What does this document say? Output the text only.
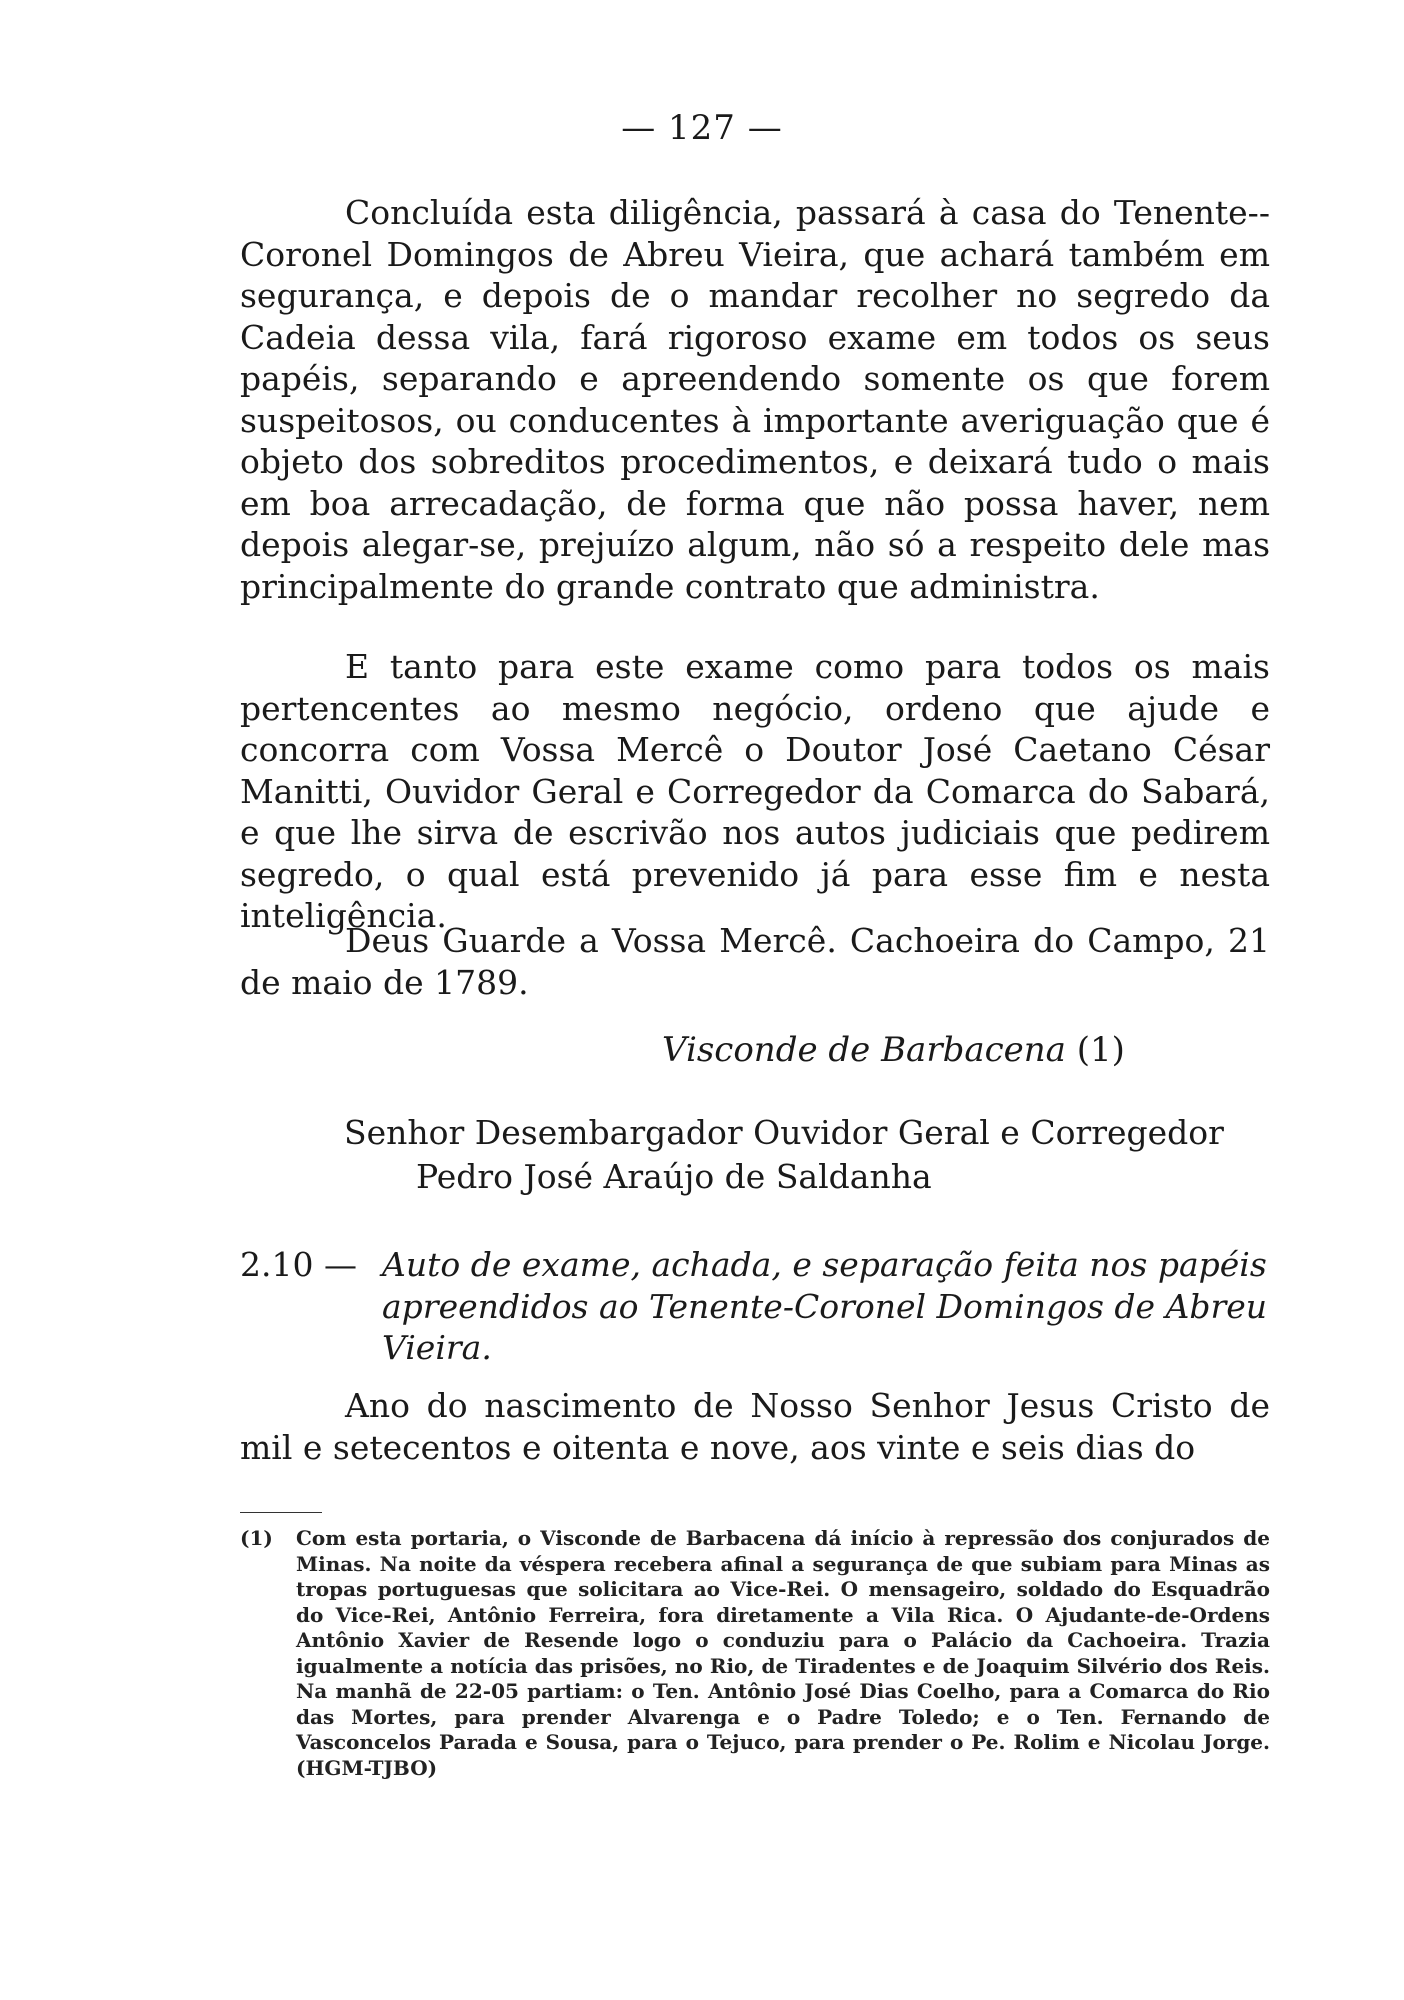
— 127 —

Concluída esta diligência, passará à casa do Tenente--Coronel Domingos de Abreu Vieira, que achará também em segurança, e depois de o mandar recolher no segredo da Cadeia dessa vila, fará rigoroso exame em todos os seus papéis, separando e apreendendo somente os que forem suspeitosos, ou conducentes à importante averiguação que é objeto dos sobreditos procedimentos, e deixará tudo o mais em boa arrecadação, de forma que não possa haver, nem depois alegar-se, prejuízo algum, não só a respeito dele mas principalmente do grande contrato que administra.

E tanto para este exame como para todos os mais pertencentes ao mesmo negócio, ordeno que ajude e concorra com Vossa Mercê o Doutor José Caetano César Manitti, Ouvidor Geral e Corregedor da Comarca do Sabará, e que lhe sirva de escrivão nos autos judiciais que pedirem segredo, o qual está prevenido já para esse fim e nesta inteligência.

Deus Guarde a Vossa Mercê. Cachoeira do Campo, 21 de maio de 1789.

Visconde de Barbacena (1)
Senhor Desembargador Ouvidor Geral e Corregedor
Pedro José Araújo de Saldanha
2.10 — Auto de exame, achada, e separação feita nos papéis apreendidos ao Tenente-Coronel Domingos de Abreu Vieira.

Ano do nascimento de Nosso Senhor Jesus Cristo de mil e setecentos e oitenta e nove, aos vinte e seis dias do

(1) Com esta portaria, o Visconde de Barbacena dá início à repressão dos conjurados de Minas. Na noite da véspera recebera afinal a segurança de que subiam para Minas as tropas portuguesas que solicitara ao Vice-Rei. O mensageiro, soldado do Esquadrão do Vice-Rei, Antônio Ferreira, fora diretamente a Vila Rica. O Ajudante-de-Ordens Antônio Xavier de Resende logo o conduziu para o Palácio da Cachoeira. Trazia igualmente a notícia das prisões, no Rio, de Tiradentes e de Joaquim Silvério dos Reis. Na manhã de 22-05 partiam: o Ten. Antônio José Dias Coelho, para a Comarca do Rio das Mortes, para prender Alvarenga e o Padre Toledo; e o Ten. Fernando de Vasconcelos Parada e Sousa, para o Tejuco, para prender o Pe. Rolim e Nicolau Jorge. (HGM-TJBO)
